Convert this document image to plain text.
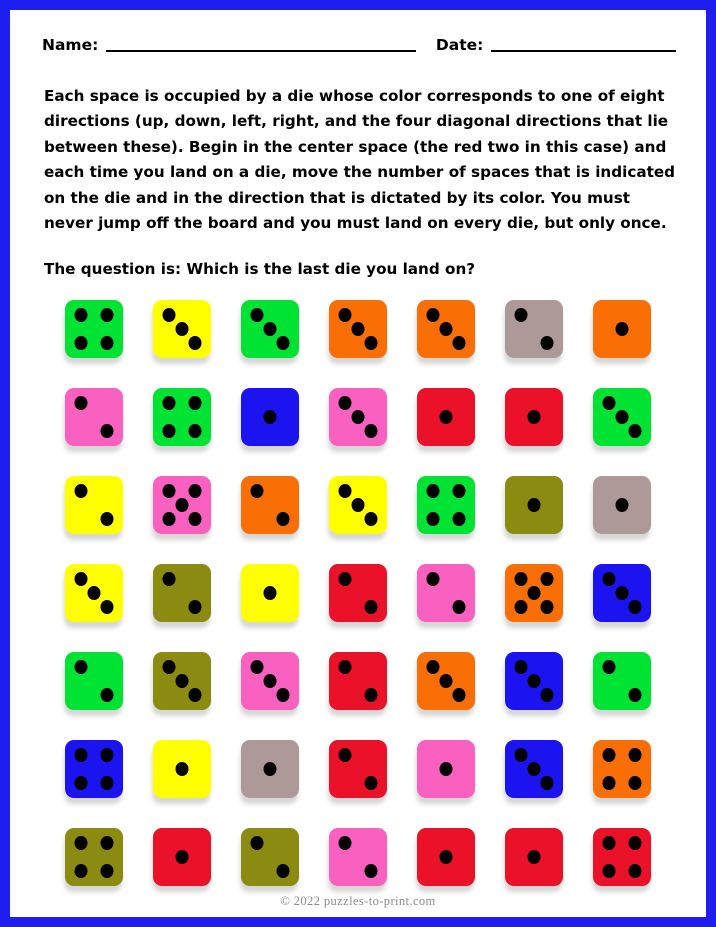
Name:	Date:

Each space is occupied by a die whose color corresponds to one of eight directions (up, down, left, right, and the four diagonal directions that lie between these). Begin in the center space (the red two in this case) and each time you land on a die, move the number of spaces that is indicated on the die and in the direction that is dictated by its color. You must never jump off the board and you must land on every die, but only once.

The question is: Which is the last die you land on?

© 2022 puzzles-to-print.com
